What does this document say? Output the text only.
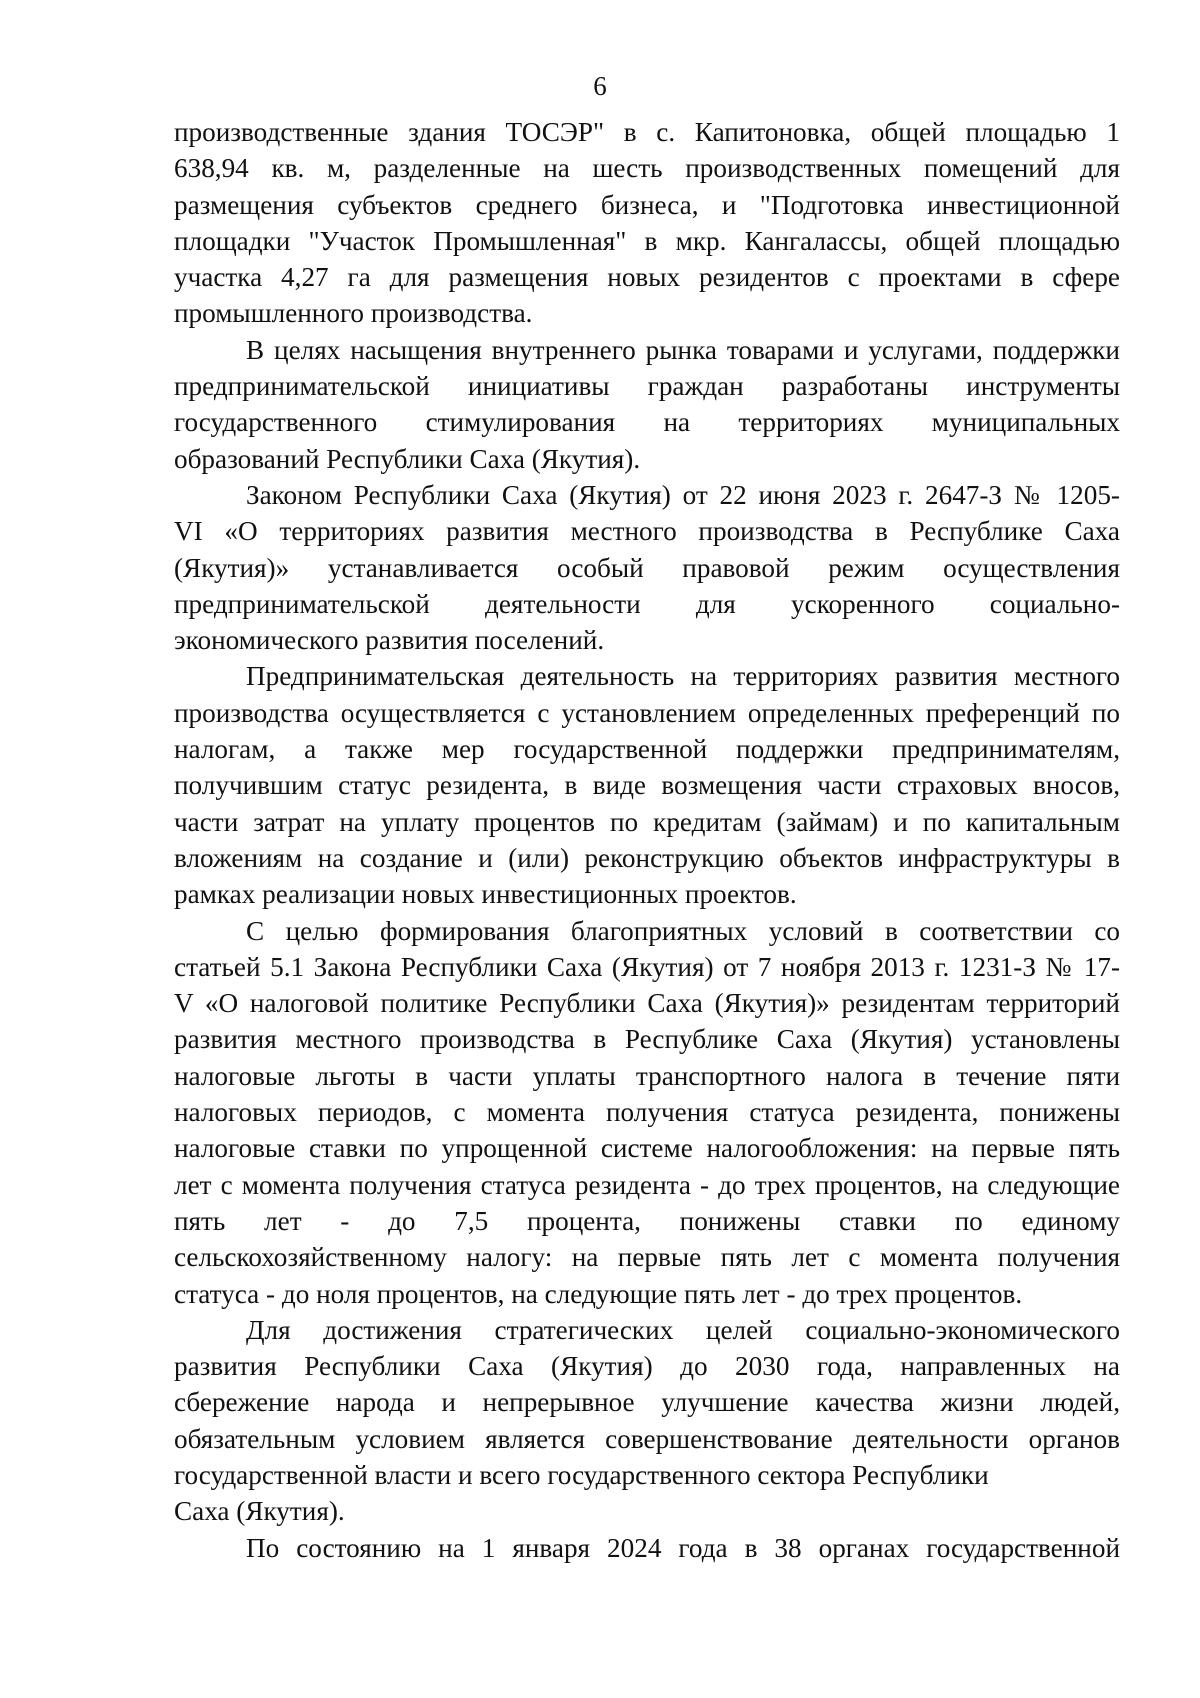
6
производственные здания ТОСЭР" в с. Капитоновка, общей площадью 1
638,94 кв. м, разделенные на шесть производственных помещений для
размещения субъектов среднего бизнеса, и "Подготовка инвестиционной
площадки "Участок Промышленная" в мкр. Кангалассы, общей площадью
участка 4,27 га для размещения новых резидентов с проектами в сфере
промышленного производства.
В целях насыщения внутреннего рынка товарами и услугами, поддержки
предпринимательской инициативы граждан разработаны инструменты
государственного стимулирования на территориях муниципальных
образований Республики Саха (Якутия).
Законом Республики Саха (Якутия) от 22 июня 2023 г. 2647-З № 1205-
VI «О территориях развития местного производства в Республике Саха
(Якутия)» устанавливается особый правовой режим осуществления
предпринимательской деятельности для ускоренного социально-
экономического развития поселений.
Предпринимательская деятельность на территориях развития местного
производства осуществляется с установлением определенных преференций по
налогам, а также мер государственной поддержки предпринимателям,
получившим статус резидента, в виде возмещения части страховых вносов,
части затрат на уплату процентов по кредитам (займам) и по капитальным
вложениям на создание и (или) реконструкцию объектов инфраструктуры в
рамках реализации новых инвестиционных проектов.
С целью формирования благоприятных условий в соответствии со
статьей 5.1 Закона Республики Саха (Якутия) от 7 ноября 2013 г. 1231-З № 17-
V «О налоговой политике Республики Саха (Якутия)» резидентам территорий
развития местного производства в Республике Саха (Якутия) установлены
налоговые льготы в части уплаты транспортного налога в течение пяти
налоговых периодов, с момента получения статуса резидента, понижены
налоговые ставки по упрощенной системе налогообложения: на первые пять
лет с момента получения статуса резидента - до трех процентов, на следующие
пять лет - до 7,5 процента, понижены ставки по единому
сельскохозяйственному налогу: на первые пять лет с момента получения
статуса - до ноля процентов, на следующие пять лет - до трех процентов.
Для достижения стратегических целей социально-экономического
развития Республики Саха (Якутия) до 2030 года, направленных на
сбережение народа и непрерывное улучшение качества жизни людей,
обязательным условием является совершенствование деятельности органов
государственной власти и всего государственного сектора Республики
Саха (Якутия).
По состоянию на 1 января 2024 года в 38 органах государственной
